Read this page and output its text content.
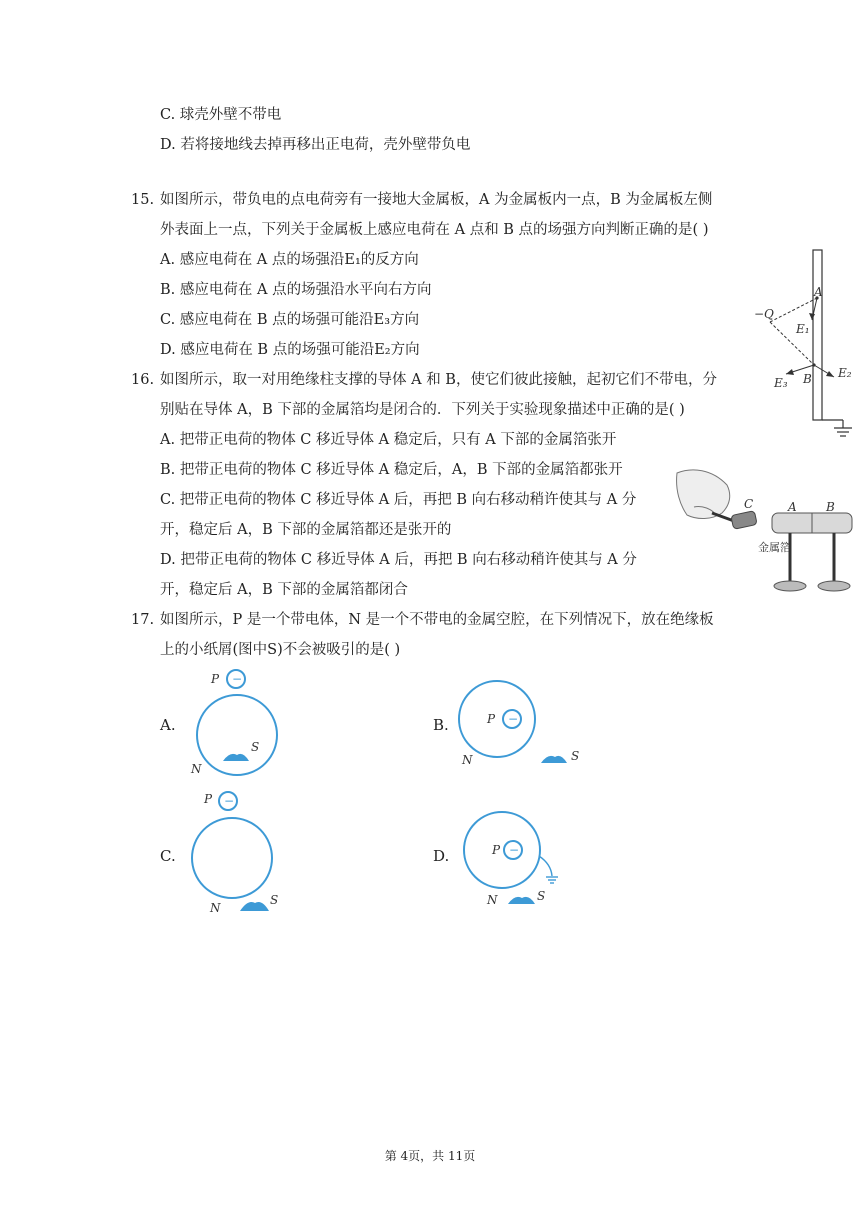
C. 球壳外壁不带电
D. 若将接地线去掉再移出正电荷，壳外壁带负电
15. 如图所示，带负电的点电荷旁有一接地大金属板，A 为金属板内一点，B 为金属板左侧
外表面上一点，下列关于金属板上感应电荷在 A 点和 B 点的场强方向判断正确的是( )
A. 感应电荷在 A 点的场强沿E₁的反方向
B. 感应电荷在 A 点的场强沿水平向右方向
C. 感应电荷在 B 点的场强可能沿E₃方向
D. 感应电荷在 B 点的场强可能沿E₂方向
−Q
A
E₁
B E₂
E₃
16. 如图所示，取一对用绝缘柱支撑的导体 A 和 B，使它们彼此接触，起初它们不带电，分
别贴在导体 A，B 下部的金属箔均是闭合的．下列关于实验现象描述中正确的是( )
A. 把带正电荷的物体 C 移近导体 A 稳定后，只有 A 下部的金属箔张开
B. 把带正电荷的物体 C 移近导体 A 稳定后，A，B 下部的金属箔都张开
C. 把带正电荷的物体 C 移近导体 A 后，再把 B 向右移动稍许使其与 A 分
开，稳定后 A，B 下部的金属箔都还是张开的
D. 把带正电荷的物体 C 移近导体 A 后，再把 B 向右移动稍许使其与 A 分
开，稳定后 A，B 下部的金属箔都闭合
C	A B
金属箔
17. 如图所示，P 是一个带电体，N 是一个不带电的金属空腔，在下列情况下，放在绝缘板
上的小纸屑(图中S)不会被吸引的是( )
A.	B.
C.	D.
−
P
S
N
−
P
S
N
−
P
S
N
−
P
S
N
第 4页，共 11页
